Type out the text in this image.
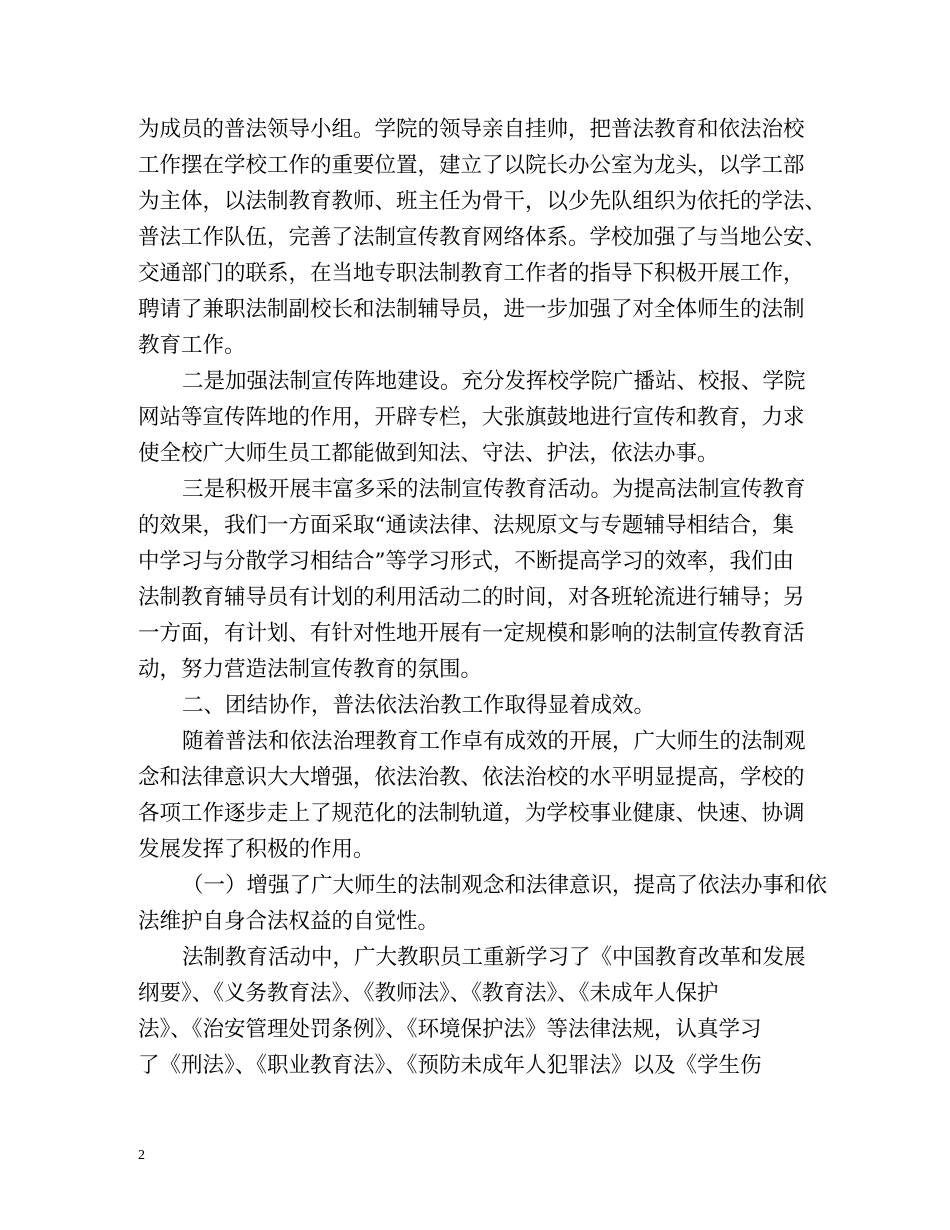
为成员的普法领导小组。学院的领导亲自挂帅，把普法教育和依法治校
工作摆在学校工作的重要位置，建立了以院长办公室为龙头，以学工部
为主体，以法制教育教师、班主任为骨干，以少先队组织为依托的学法、
普法工作队伍，完善了法制宣传教育网络体系。学校加强了与当地公安、
交通部门的联系，在当地专职法制教育工作者的指导下积极开展工作，
聘请了兼职法制副校长和法制辅导员，进一步加强了对全体师生的法制
教育工作。
二是加强法制宣传阵地建设。充分发挥校学院广播站、校报、学院
网站等宣传阵地的作用，开辟专栏，大张旗鼓地进行宣传和教育，力求
使全校广大师生员工都能做到知法、守法、护法，依法办事。
三是积极开展丰富多采的法制宣传教育活动。为提高法制宣传教育
的效果，我们一方面采取“通读法律、法规原文与专题辅导相结合，集
中学习与分散学习相结合”等学习形式，不断提高学习的效率，我们由
法制教育辅导员有计划的利用活动二的时间，对各班轮流进行辅导；另
一方面，有计划、有针对性地开展有一定规模和影响的法制宣传教育活
动，努力营造法制宣传教育的氛围。
二、团结协作，普法依法治教工作取得显着成效。
随着普法和依法治理教育工作卓有成效的开展，广大师生的法制观
念和法律意识大大增强，依法治教、依法治校的水平明显提高，学校的
各项工作逐步走上了规范化的法制轨道，为学校事业健康、快速、协调
发展发挥了积极的作用。
（一）增强了广大师生的法制观念和法律意识，提高了依法办事和依
法维护自身合法权益的自觉性。
法制教育活动中，广大教职员工重新学习了《中国教育改革和发展
纲要》、《义务教育法》、《教师法》、《教育法》、《未成年人保护
法》、《治安管理处罚条例》、《环境保护法》等法律法规，认真学习
了《刑法》、《职业教育法》、《预防未成年人犯罪法》以及《学生伤
2
